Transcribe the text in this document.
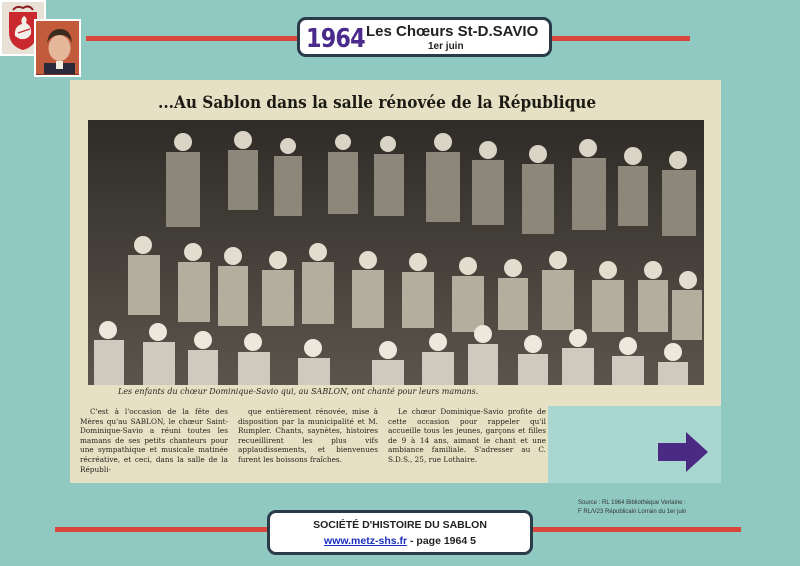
1964 Les Chœurs St-D.SAVIO
1er juin
...Au Sablon dans la salle rénovée de la République
Les enfants du chœur Dominique-Savio qui, au SABLON, ont chanté pour leurs mamans.

C'est à l'occasion de la fête des Mères qu'au SABLON, le chœur Saint-Dominique-Savio a réuni toutes les mamans de ses petits chanteurs pour une sympathique et musicale matinée récréative, et ceci, dans la salle de la Républi-

que entièrement rénovée, mise à disposition par la municipalité et M. Rumpler. Chants, saynètes, histoires recueillirent les plus vifs applaudissements, et bienvenues furent les boissons fraîches.

Le chœur Dominique-Savio profite de cette occasion pour rappeler qu'il accueille tous les jeunes, garçons et filles de 9 à 14 ans, aimant le chant et une ambiance familiale. S'adresser au C. S.D.S., 25, rue Lothaire.

Source : RL 1964 Bibliothèque Verlaine :
F RL/V23 Républicain Lorrain du 1er juin
SOCIÉTÉ D'HISTOIRE DU SABLON
www.metz-shs.fr - page 1964 5
